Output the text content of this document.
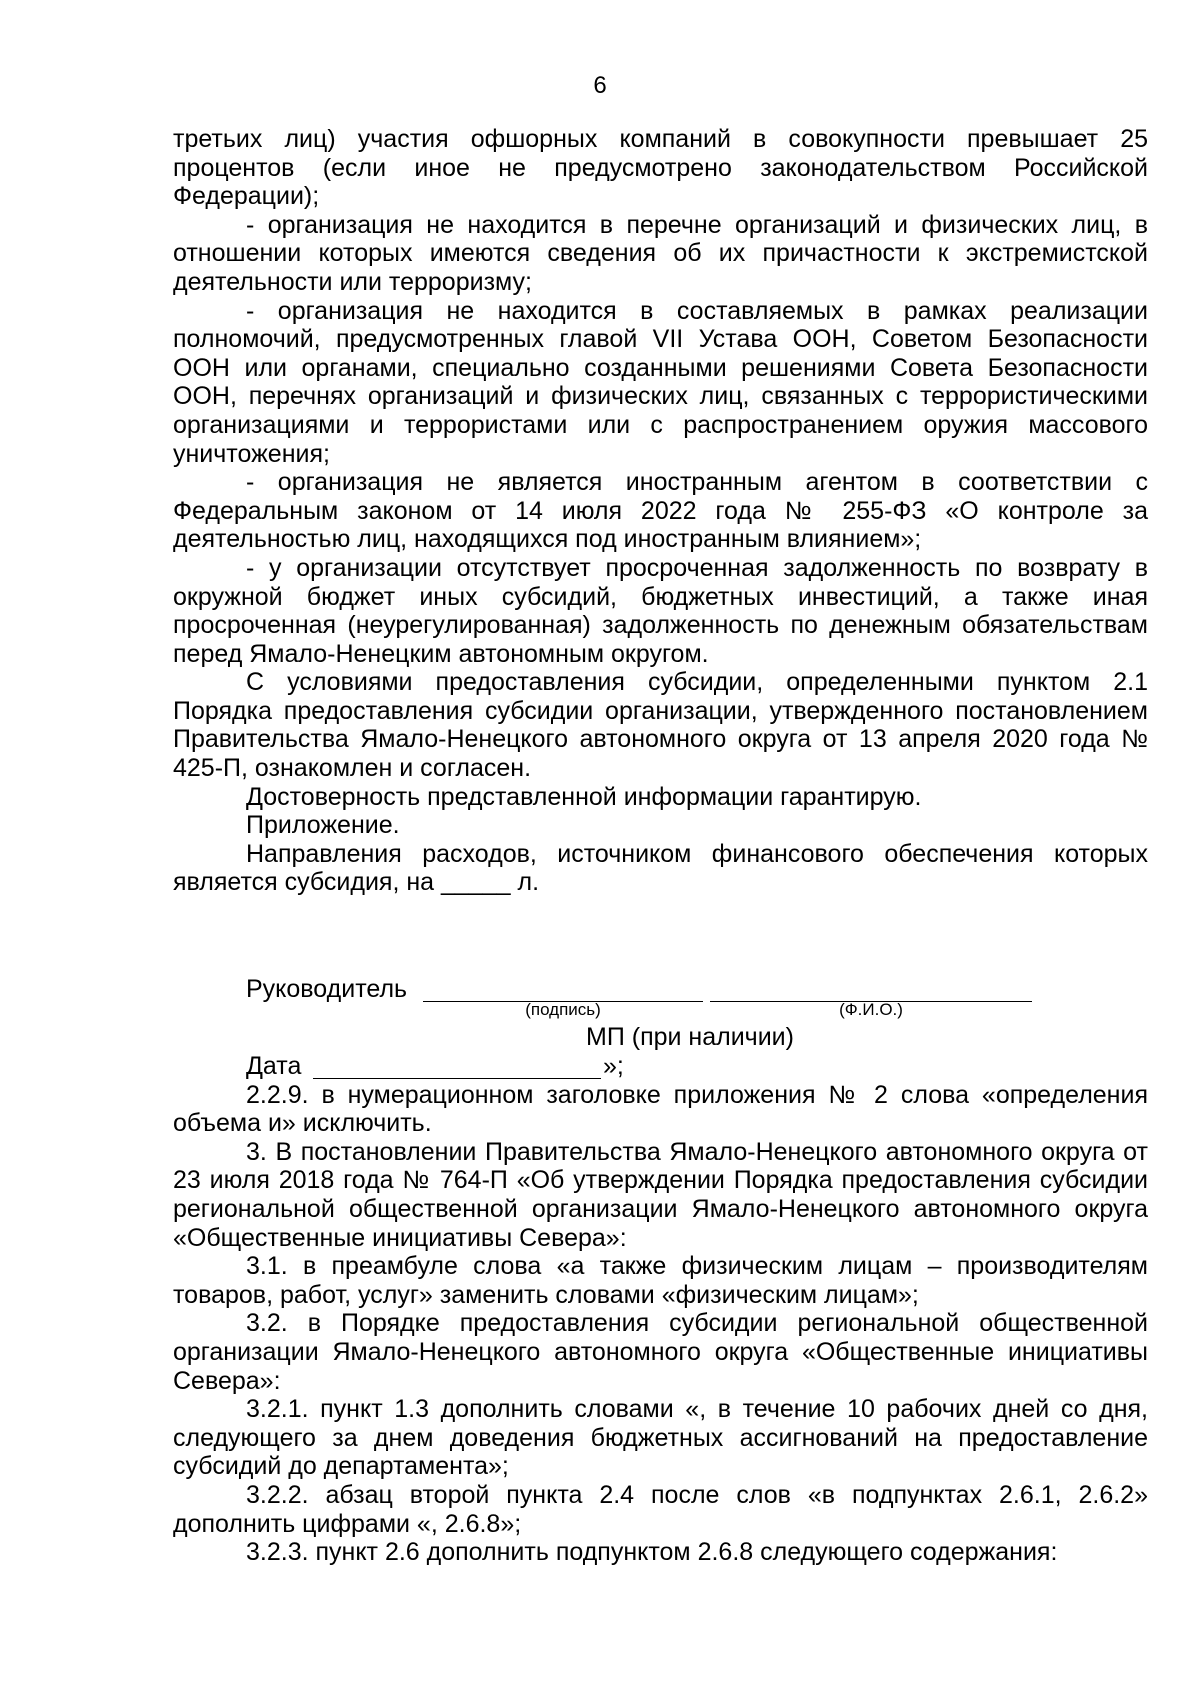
6

третьих лиц) участия офшорных компаний в совокупности превышает 25 процентов (если иное не предусмотрено законодательством Российской Федерации);

- организация не находится в перечне организаций и физических лиц, в отношении которых имеются сведения об их причастности к экстремистской деятельности или терроризму;

- организация не находится в составляемых в рамках реализации полномочий, предусмотренных главой VII Устава ООН, Советом Безопасности ООН или органами, специально созданными решениями Совета Безопасности ООН, перечнях организаций и физических лиц, связанных с террористическими организациями и террористами или с распространением оружия массового уничтожения;

- организация не является иностранным агентом в соответствии с Федеральным законом от 14 июля 2022 года № 255-ФЗ «О контроле за деятельностью лиц, находящихся под иностранным влиянием»;

- у организации отсутствует просроченная задолженность по возврату в окружной бюджет иных субсидий, бюджетных инвестиций, а также иная просроченная (неурегулированная) задолженность по денежным обязательствам перед Ямало-Ненецким автономным округом.

С условиями предоставления субсидии, определенными пунктом 2.1 Порядка предоставления субсидии организации, утвержденного постановлением Правительства Ямало-Ненецкого автономного округа от 13 апреля 2020 года № 425-П, ознакомлен и согласен.

Достоверность представленной информации гарантирую.

Приложение.

Направления расходов, источником финансового обеспечения которых является субсидия, на _____ л.

Руководитель
(подпись)	(Ф.И.О.)

МП (при наличии)

Дата	»;

2.2.9. в нумерационном заголовке приложения № 2 слова «определения объема и» исключить.

3. В постановлении Правительства Ямало-Ненецкого автономного округа от 23 июля 2018 года № 764-П «Об утверждении Порядка предоставления субсидии региональной общественной организации Ямало-Ненецкого автономного округа «Общественные инициативы Севера»:

3.1. в преамбуле слова «а также физическим лицам – производителям товаров, работ, услуг» заменить словами «физическим лицам»;

3.2. в Порядке предоставления субсидии региональной общественной организации Ямало-Ненецкого автономного округа «Общественные инициативы Севера»:

3.2.1. пункт 1.3 дополнить словами «, в течение 10 рабочих дней со дня, следующего за днем доведения бюджетных ассигнований на предоставление субсидий до департамента»;

3.2.2. абзац второй пункта 2.4 после слов «в подпунктах 2.6.1, 2.6.2» дополнить цифрами «, 2.6.8»;

3.2.3. пункт 2.6 дополнить подпунктом 2.6.8 следующего содержания:
